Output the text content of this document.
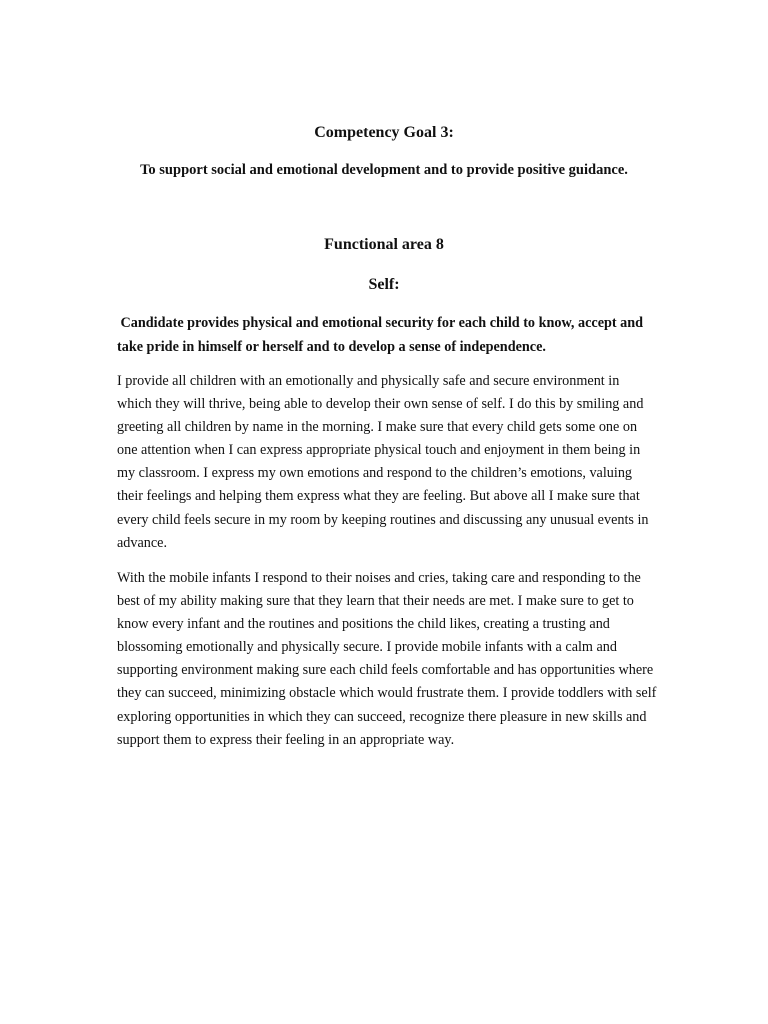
Competency Goal 3:
To support social and emotional development and to provide positive guidance.
Functional area 8
Self:

Candidate provides physical and emotional security for each child to know, accept and take pride in himself or herself and to develop a sense of independence.

I provide all children with an emotionally and physically safe and secure environment in which they will thrive, being able to develop their own sense of self. I do this by smiling and greeting all children by name in the morning. I make sure that every child gets some one on one attention when I can express appropriate physical touch and enjoyment in them being in my classroom. I express my own emotions and respond to the children’s emotions, valuing their feelings and helping them express what they are feeling. But above all I make sure that every child feels secure in my room by keeping routines and discussing any unusual events in advance.

With the mobile infants I respond to their noises and cries, taking care and responding to the best of my ability making sure that they learn that their needs are met. I make sure to get to know every infant and the routines and positions the child likes, creating a trusting and blossoming emotionally and physically secure. I provide mobile infants with a calm and supporting environment making sure each child feels comfortable and has opportunities where they can succeed, minimizing obstacle which would frustrate them. I provide toddlers with self exploring opportunities in which they can succeed, recognize there pleasure in new skills and support them to express their feeling in an appropriate way.
